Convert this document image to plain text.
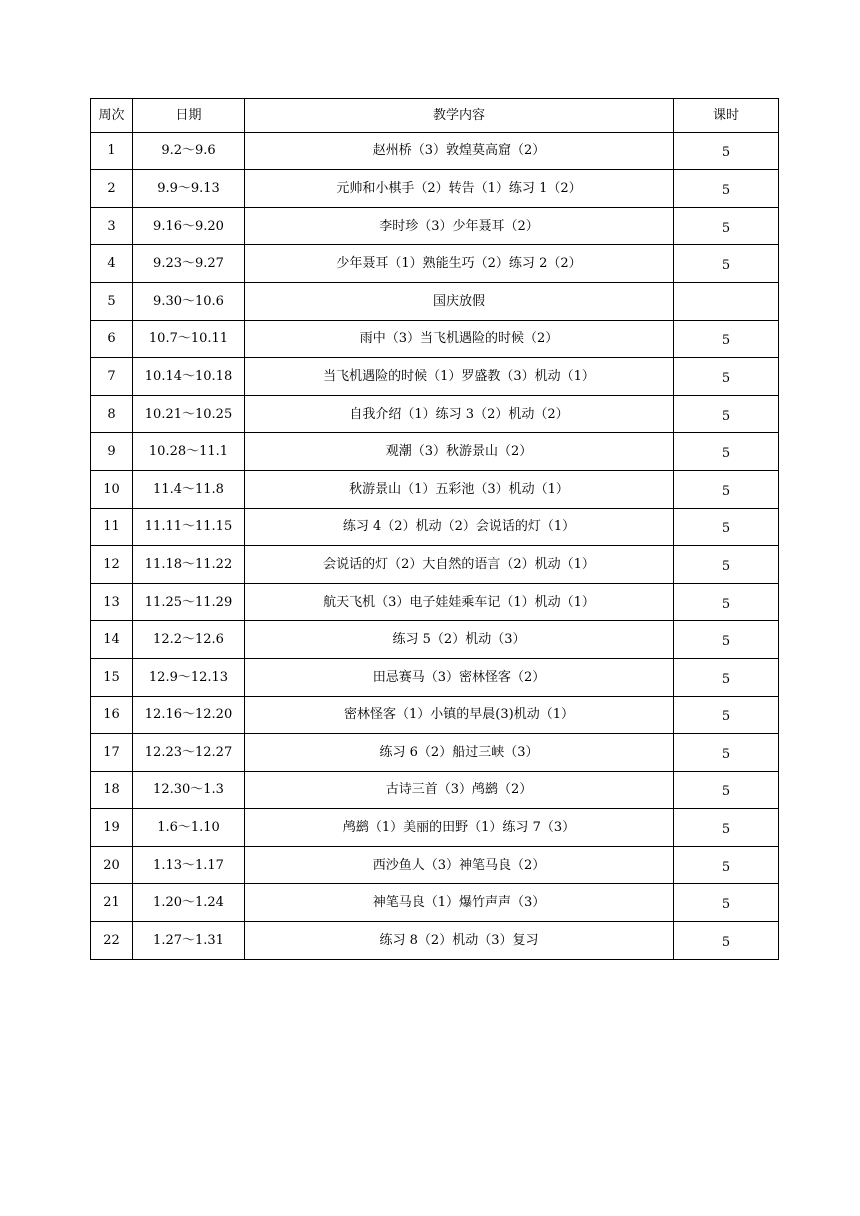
周次	日期	教学内容	课时
1	9.2～9.6	赵州桥（3）敦煌莫高窟（2）	5
2	9.9～9.13	元帅和小棋手（2）转告（1）练习 1（2）	5
3	9.16～9.20	李时珍（3）少年聂耳（2）	5
4	9.23～9.27	少年聂耳（1）熟能生巧（2）练习 2（2）	5
5	9.30～10.6	国庆放假	
6	10.7～10.11	雨中（3）当飞机遇险的时候（2）	5
7	10.14～10.18	当飞机遇险的时候（1）罗盛教（3）机动（1）	5
8	10.21～10.25	自我介绍（1）练习 3（2）机动（2）	5
9	10.28～11.1	观潮（3）秋游景山（2）	5
10	11.4～11.8	秋游景山（1）五彩池（3）机动（1）	5
11	11.11～11.15	练习 4（2）机动（2）会说话的灯（1）	5
12	11.18～11.22	会说话的灯（2）大自然的语言（2）机动（1）	5
13	11.25～11.29	航天飞机（3）电子娃娃乘车记（1）机动（1）	5
14	12.2～12.6	练习 5（2）机动（3）	5
15	12.9～12.13	田忌赛马（3）密林怪客（2）	5
16	12.16～12.20	密林怪客（1）小镇的早晨(3)机动（1）	5
17	12.23～12.27	练习 6（2）船过三峡（3）	5
18	12.30～1.3	古诗三首（3）鸬鹚（2）	5
19	1.6～1.10	鸬鹚（1）美丽的田野（1）练习 7（3）	5
20	1.13～1.17	西沙鱼人（3）神笔马良（2）	5
21	1.20～1.24	神笔马良（1）爆竹声声（3）	5
22	1.27～1.31	练习 8（2）机动（3）复习	5
